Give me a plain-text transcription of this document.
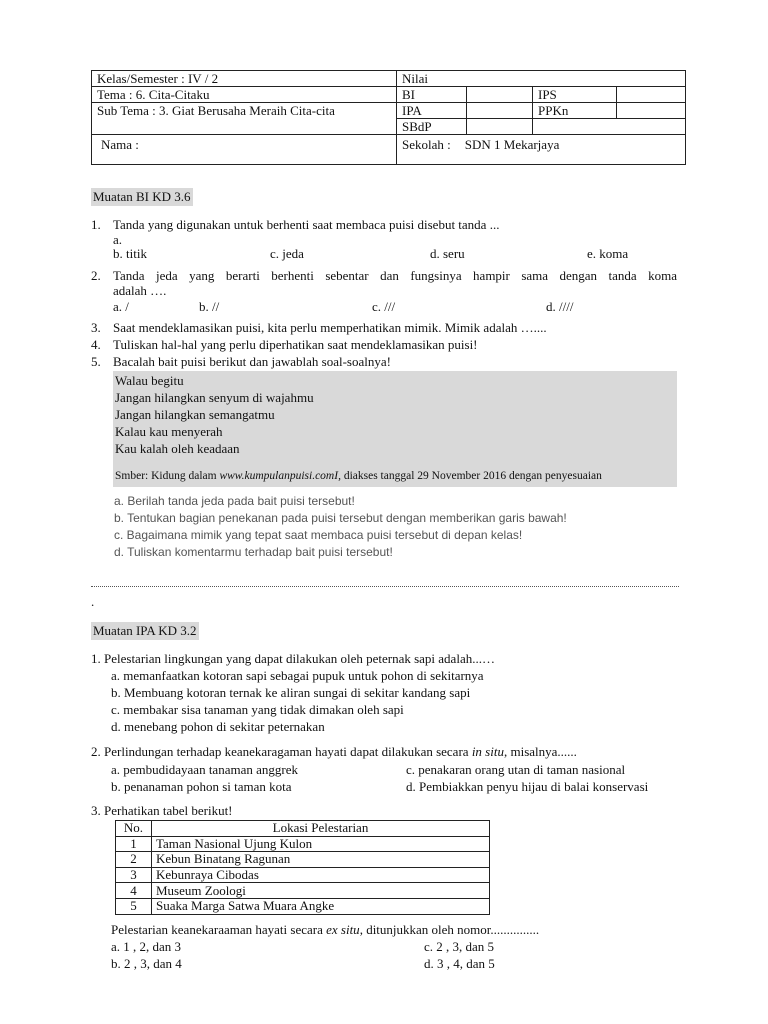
Kelas/Semester : IV / 2	Nilai			
Tema : 6. Cita-Citaku	BI		IPS	
Sub Tema : 3. Giat Berusaha Meraih Cita-cita	IPA		PPKn	
	SBdP			
Nama :	Sekolah : SDN 1 Mekarjaya			
Muatan BI KD 3.6
1. Tanda yang digunakan untuk berhenti saat membaca puisi disebut tanda ...
a.
b. titik	c. jeda	d. seru	e. koma
2. Tanda jeda yang berarti berhenti sebentar dan fungsinya hampir sama dengan tanda koma
adalah ….
a. /	b. //	c. ///	d. ////
3. Saat mendeklamasikan puisi, kita perlu memperhatikan mimik. Mimik adalah …....
4. Tuliskan hal-hal yang perlu diperhatikan saat mendeklamasikan puisi!
5. Bacalah bait puisi berikut dan jawablah soal-soalnya!
Walau begitu
Jangan hilangkan senyum di wajahmu
Jangan hilangkan semangatmu
Kalau kau menyerah
Kau kalah oleh keadaan
Smber: Kidung dalam www.kumpulanpuisi.comI, diakses tanggal 29 November 2016 dengan penyesuaian
a. Berilah tanda jeda pada bait puisi tersebut!
b. Tentukan bagian penekanan pada puisi tersebut dengan memberikan garis bawah!
c. Bagaimana mimik yang tepat saat membaca puisi tersebut di depan kelas!
d. Tuliskan komentarmu terhadap bait puisi tersebut!
.
Muatan IPA KD 3.2
1. Pelestarian lingkungan yang dapat dilakukan oleh peternak sapi adalah...…
a. memanfaatkan kotoran sapi sebagai pupuk untuk pohon di sekitarnya
b. Membuang kotoran ternak ke aliran sungai di sekitar kandang sapi
c. membakar sisa tanaman yang tidak dimakan oleh sapi
d. menebang pohon di sekitar peternakan
2. Perlindungan terhadap keanekaragaman hayati dapat dilakukan secara in situ, misalnya......
a. pembudidayaan tanaman anggrek	c. penakaran orang utan di taman nasional
b. penanaman pohon si taman kota	d. Pembiakkan penyu hijau di balai konservasi
3. Perhatikan tabel berikut!
No.	Lokasi Pelestarian
1	Taman Nasional Ujung Kulon
2	Kebun Binatang Ragunan
3	Kebunraya Cibodas
4	Museum Zoologi
5	Suaka Marga Satwa Muara Angke
Pelestarian keanekaraaman hayati secara ex situ, ditunjukkan oleh nomor...............
a. 1 , 2, dan 3	c. 2 , 3, dan 5
b. 2 , 3, dan 4	d. 3 , 4, dan 5
